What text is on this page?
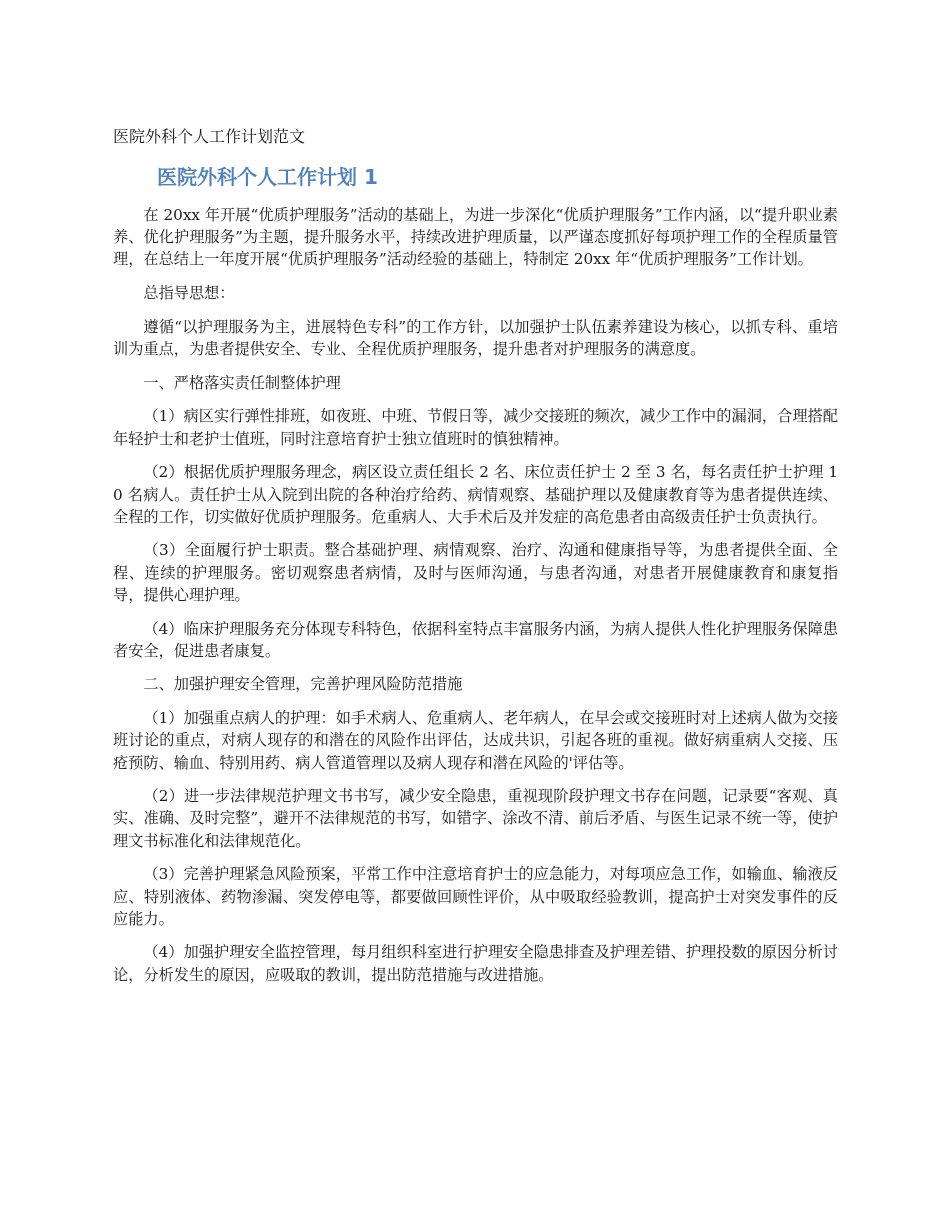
医院外科个人工作计划范文
医院外科个人工作计划 1

在 20xx 年开展“优质护理服务”活动的基础上，为进一步深化“优质护理服务”工作内涵，以“提升职业素养、优化护理服务”为主题，提升服务水平，持续改进护理质量，以严谨态度抓好每项护理工作的全程质量管理，在总结上一年度开展“优质护理服务”活动经验的基础上，特制定 20xx 年“优质护理服务”工作计划。

总指导思想：

遵循“以护理服务为主，进展特色专科”的工作方针，以加强护士队伍素养建设为核心，以抓专科、重培训为重点，为患者提供安全、专业、全程优质护理服务，提升患者对护理服务的满意度。

一、严格落实责任制整体护理

（1）病区实行弹性排班，如夜班、中班、节假日等，减少交接班的频次，减少工作中的漏洞，合理搭配年轻护士和老护士值班，同时注意培育护士独立值班时的慎独精神。

（2）根据优质护理服务理念，病区设立责任组长 2 名、床位责任护士 2 至 3 名，每名责任护士护理 10 名病人。责任护士从入院到出院的各种治疗给药、病情观察、基础护理以及健康教育等为患者提供连续、全程的工作，切实做好优质护理服务。危重病人、大手术后及并发症的高危患者由高级责任护士负责执行。

（3）全面履行护士职责。整合基础护理、病情观察、治疗、沟通和健康指导等，为患者提供全面、全程、连续的护理服务。密切观察患者病情，及时与医师沟通，与患者沟通，对患者开展健康教育和康复指导，提供心理护理。

（4）临床护理服务充分体现专科特色，依据科室特点丰富服务内涵，为病人提供人性化护理服务保障患者安全，促进患者康复。

二、加强护理安全管理，完善护理风险防范措施

（1）加强重点病人的护理：如手术病人、危重病人、老年病人，在早会或交接班时对上述病人做为交接班讨论的重点，对病人现存的和潜在的风险作出评估，达成共识，引起各班的重视。做好病重病人交接、压疮预防、输血、特别用药、病人管道管理以及病人现存和潜在风险的'评估等。

（2）进一步法律规范护理文书书写，减少安全隐患，重视现阶段护理文书存在问题，记录要“客观、真实、准确、及时完整”，避开不法律规范的书写，如错字、涂改不清、前后矛盾、与医生记录不统一等，使护理文书标准化和法律规范化。

（3）完善护理紧急风险预案，平常工作中注意培育护士的应急能力，对每项应急工作，如输血、输液反应、特别液体、药物渗漏、突发停电等，都要做回顾性评价，从中吸取经验教训，提高护士对突发事件的反应能力。

（4）加强护理安全监控管理，每月组织科室进行护理安全隐患排查及护理差错、护理投数的原因分析讨论，分析发生的原因，应吸取的教训，提出防范措施与改进措施。
